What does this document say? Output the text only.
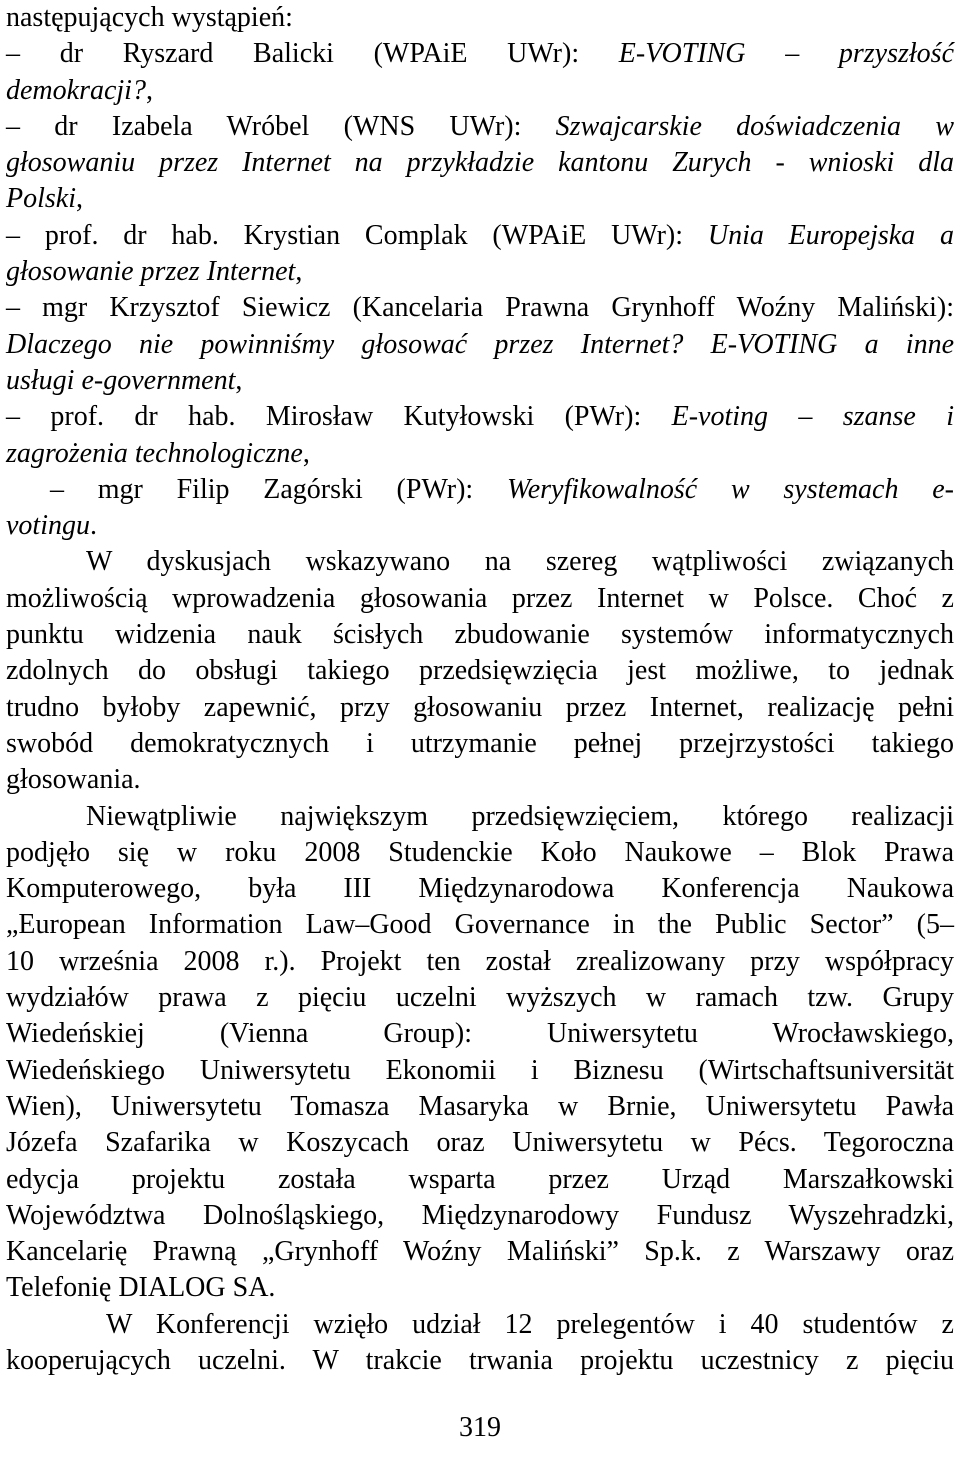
następujących wystąpień:
– dr Ryszard Balicki (WPAiE UWr): E-VOTING – przyszłość
demokracji?,
– dr Izabela Wróbel (WNS UWr): Szwajcarskie doświadczenia w
głosowaniu przez Internet na przykładzie kantonu Zurych - wnioski dla
Polski,
– prof. dr hab. Krystian Complak (WPAiE UWr): Unia Europejska a
głosowanie przez Internet,
– mgr Krzysztof Siewicz (Kancelaria Prawna Grynhoff Woźny Maliński):
Dlaczego nie powinniśmy głosować przez Internet? E-VOTING a inne
usługi e-government,
– prof. dr hab. Mirosław Kutyłowski (PWr): E-voting – szanse i
zagrożenia technologiczne,
– mgr Filip Zagórski (PWr): Weryfikowalność w systemach e-
votingu.
W dyskusjach wskazywano na szereg wątpliwości związanych
możliwością wprowadzenia głosowania przez Internet w Polsce. Choć z
punktu widzenia nauk ścisłych zbudowanie systemów informatycznych
zdolnych do obsługi takiego przedsięwzięcia jest możliwe, to jednak
trudno byłoby zapewnić, przy głosowaniu przez Internet, realizację pełni
swobód demokratycznych i utrzymanie pełnej przejrzystości takiego
głosowania.
Niewątpliwie największym przedsięwzięciem, którego realizacji
podjęło się w roku 2008 Studenckie Koło Naukowe – Blok Prawa
Komputerowego, była III Międzynarodowa Konferencja Naukowa
„European Information Law–Good Governance in the Public Sector” (5–
10 września 2008 r.). Projekt ten został zrealizowany przy współpracy
wydziałów prawa z pięciu uczelni wyższych w ramach tzw. Grupy
Wiedeńskiej (Vienna Group): Uniwersytetu Wrocławskiego,
Wiedeńskiego Uniwersytetu Ekonomii i Biznesu (Wirtschaftsuniversität
Wien), Uniwersytetu Tomasza Masaryka w Brnie, Uniwersytetu Pawła
Józefa Szafarika w Koszycach oraz Uniwersytetu w Pécs. Tegoroczna
edycja projektu została wsparta przez Urząd Marszałkowski
Województwa Dolnośląskiego, Międzynarodowy Fundusz Wyszehradzki,
Kancelarię Prawną „Grynhoff Woźny Maliński” Sp.k. z Warszawy oraz
Telefonię DIALOG SA.
W Konferencji wzięło udział 12 prelegentów i 40 studentów z
kooperujących uczelni. W trakcie trwania projektu uczestnicy z pięciu
319
